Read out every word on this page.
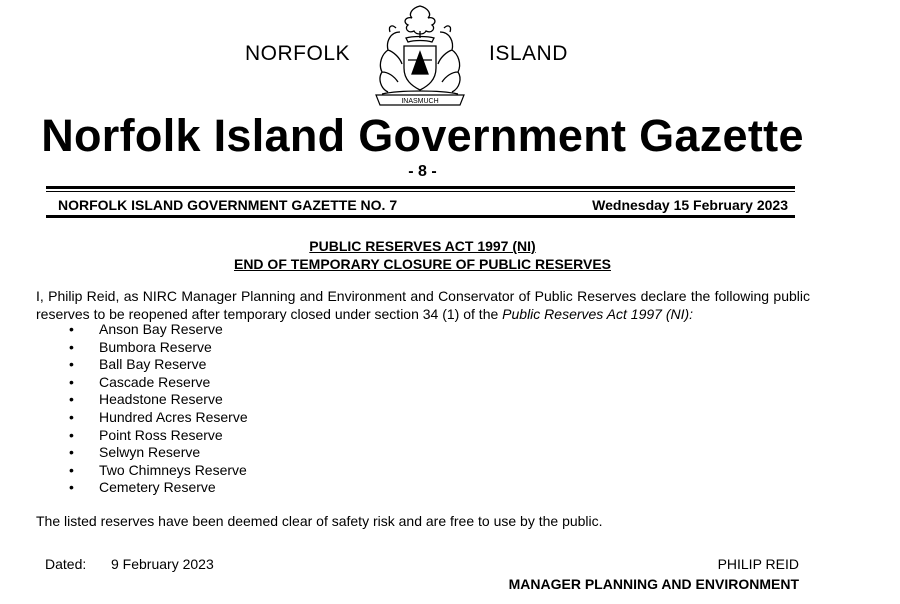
NORFOLK
INASMUCH
ISLAND
Norfolk Island Government Gazette
- 8 -
NORFOLK ISLAND GOVERNMENT GAZETTE NO. 7	Wednesday 15 February 2023
PUBLIC RESERVES ACT 1997 (NI)
END OF TEMPORARY CLOSURE OF PUBLIC RESERVES
I, Philip Reid, as NIRC Manager Planning and Environment and Conservator of Public Reserves declare the following public reserves to be reopened after temporary closed under section 34 (1) of the Public Reserves Act 1997 (NI):
• Anson Bay Reserve
• Bumbora Reserve
• Ball Bay Reserve
• Cascade Reserve
• Headstone Reserve
• Hundred Acres Reserve
• Point Ross Reserve
• Selwyn Reserve
• Two Chimneys Reserve
• Cemetery Reserve
The listed reserves have been deemed clear of safety risk and are free to use by the public.
Dated: 9 February 2023	PHILIP REID
MANAGER PLANNING AND ENVIRONMENT
